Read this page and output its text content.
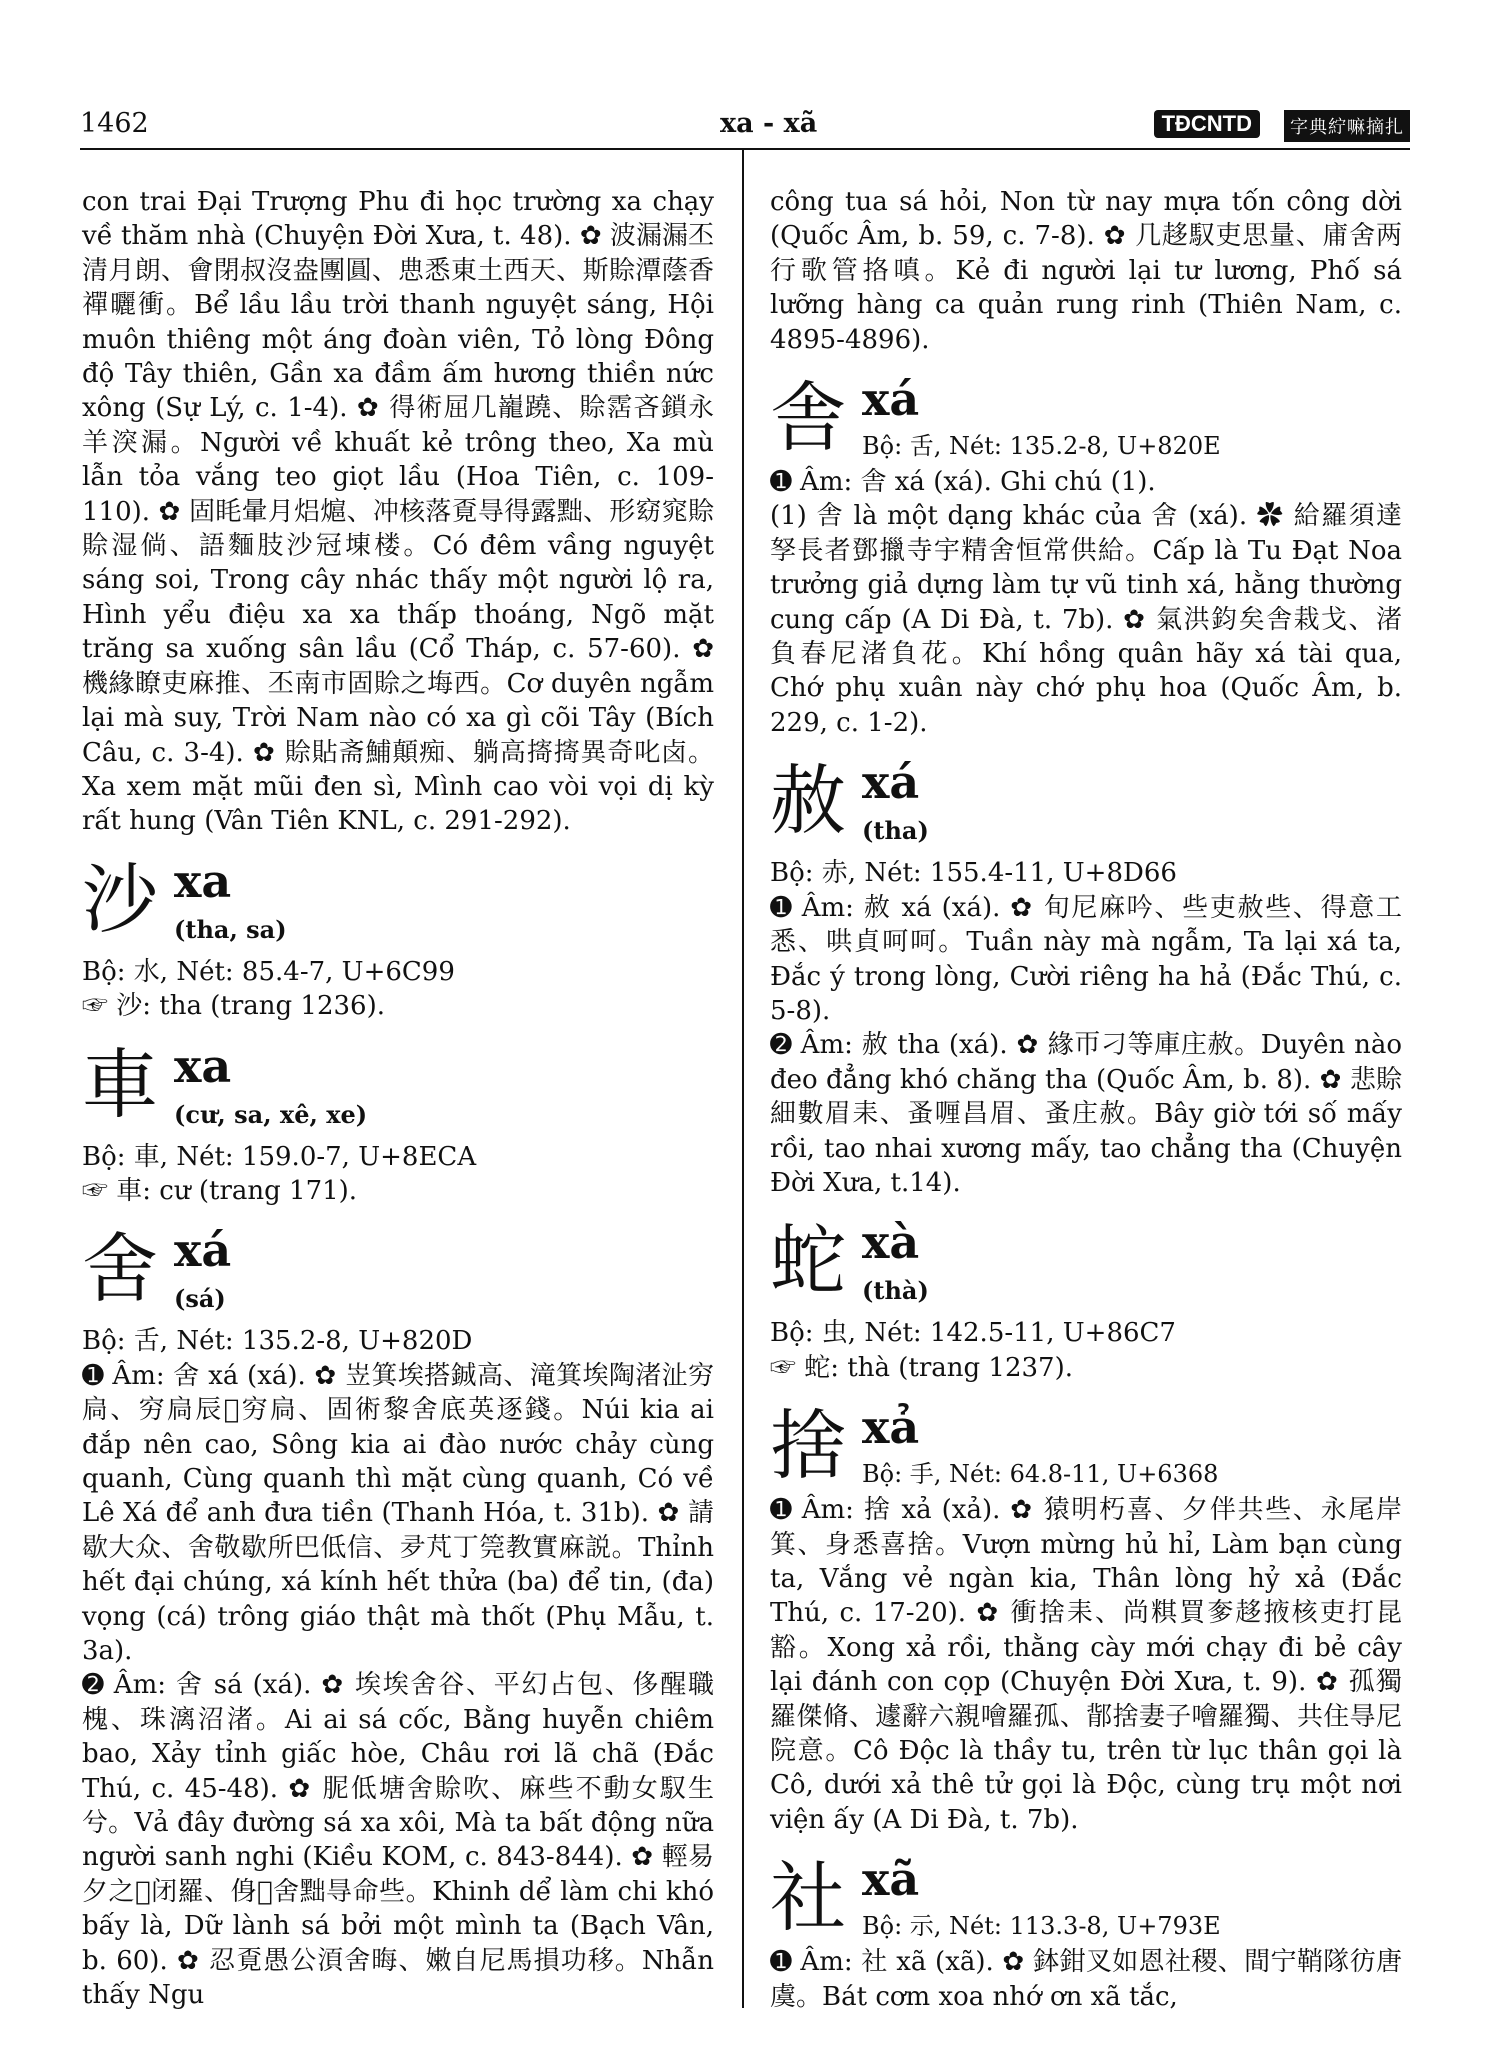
1462	xa - xã	TĐCNTD	字典紵嘛摘扎

con trai Đại Trượng Phu đi học trường xa chạy về thăm nhà (Chuyện Đời Xưa, t. 48). ✿ 波漏漏丕清月朗、會閉叔沒盎團圓、㤟悉東土西天、斯賒潭蔭香禪曬衝。Bể lầu lầu trời thanh nguyệt sáng, Hội muôn thiêng một áng đoàn viên, Tỏ lòng Đông độ Tây thiên, Gần xa đầm ấm hương thiền nức xông (Sự Lý, c. 1-4). ✿ 得術屈几巃蹺、賒霑吝鎖永羊湥漏。Người về khuất kẻ trông theo, Xa mù lẫn tỏa vắng teo giọt lầu (Hoa Tiên, c. 109-110). ✿ 固眊暈月焒熩、冲核落覔㝵得露黜、形窈窕賒賒湿倘、語麵肢沙冠埬楼。Có đêm vầng nguyệt sáng soi, Trong cây nhác thấy một người lộ ra, Hình yểu điệu xa xa thấp thoáng, Ngõ mặt trăng sa xuống sân lầu (Cổ Tháp, c. 57-60). ✿ 機緣瞭吏麻推、丕南市固賒之㙁西。Cơ duyên ngẫm lại mà suy, Trời Nam nào có xa gì cõi Tây (Bích Câu, c. 3-4). ✿ 賒貼斋鯆顛痴、躺高㨳㨳異奇叱卤。Xa xem mặt mũi đen sì, Mình cao vòi vọi dị kỳ rất hung (Vân Tiên KNL, c. 291-292).

沙 xa
(tha, sa)

Bộ: 水, Nét: 85.4-7, U+6C99

☞ 沙: tha (trang 1236).

車 xa
(cư, sa, xê, xe)

Bộ: 車, Nét: 159.0-7, U+8ECA

☞ 車: cư (trang 171).

舍 xá
(sá)

Bộ: 舌, Nét: 135.2-8, U+820D

➊ Âm: 舍 xá (xá). ✿ 岦箕埃搭鋮高、滝箕埃陶渚沚穷扃、穷扃辰𤃠穷扃、固術黎舍底英逐錢。Núi kia ai đắp nên cao, Sông kia ai đào nước chảy cùng quanh, Cùng quanh thì mặt cùng quanh, Có về Lê Xá để anh đưa tiền (Thanh Hóa, t. 31b). ✿ 請歇大众、舍敬歇所巴低信、夛芃丁筦教實麻説。Thỉnh hết đại chúng, xá kính hết thửa (ba) để tin, (đa) vọng (cá) trông giáo thật mà thốt (Phụ Mẫu, t. 3a).

➋ Âm: 舍 sá (xá). ✿ 埃埃舍谷、平幻占包、侈醒職槐、珠漓沼渚。Ai ai sá cốc, Bằng huyễn chiêm bao, Xảy tỉnh giấc hòe, Châu rơi lã chã (Đắc Thú, c. 45-48). ✿ 胒低塘舍賒吹、麻些不動女馭生兮。Vả đây đường sá xa xôi, Mà ta bất động nữa người sanh nghi (Kiều KOM, c. 843-844). ✿ 輕易夕之𩀳闭羅、㑗𦀨舍黜㝵命些。Khinh dể làm chi khó bấy là, Dữ lành sá bởi một mình ta (Bạch Vân, b. 60). ✿ 忍覔愚公湏舍晦、嫩自尼馬損功移。Nhẫn thấy Ngu

công tua sá hỏi, Non từ nay mựa tốn công dời (Quốc Âm, b. 59, c. 7-8). ✿ 几趍馭吏思量、庯舍两行歌管挌嗔。Kẻ đi người lại tư lương, Phố sá lưỡng hàng ca quản rung rinh (Thiên Nam, c. 4895-4896).

舎 xá
Bộ: 舌, Nét: 135.2-8, U+820E

➊ Âm: 舎 xá (xá). Ghi chú (1).

(1) 舎 là một dạng khác của 舍 (xá). ✿ 給羅須達孥長者鄧擸寺宇精舍恒常供給。Cấp là Tu Đạt Noa trưởng giả dựng làm tự vũ tinh xá, hằng thường cung cấp (A Di Đà, t. 7b). ✿ 氣洪鈞矣舎栽戈、渚負春尼渚負花。Khí hồng quân hãy xá tài qua, Chớ phụ xuân này chớ phụ hoa (Quốc Âm, b. 229, c. 1-2).

赦 xá
(tha)

Bộ: 赤, Nét: 155.4-11, U+8D66

➊ Âm: 赦 xá (xá). ✿ 旬尼麻吟、些吏赦些、得意工悉、哄貞呵呵。Tuần này mà ngẫm, Ta lại xá ta, Đắc ý trong lòng, Cười riêng ha hả (Đắc Thú, c. 5-8).

➋ Âm: 赦 tha (xá). ✿ 緣帀刁等庫庄赦。Duyên nào đeo đẳng khó chăng tha (Quốc Âm, b. 8). ✿ 悲賒細數眉耒、蚤喱昌眉、蚤庄赦。Bây giờ tới số mấy rồi, tao nhai xương mấy, tao chẳng tha (Chuyện Đời Xưa, t.14).

蛇 xà
(thà)

Bộ: 虫, Nét: 142.5-11, U+86C7

☞ 蛇: thà (trang 1237).

捨 xả
Bộ: 手, Nét: 64.8-11, U+6368

➊ Âm: 捨 xả (xả). ✿ 猿明朽喜、夕伴共些、永尾岸箕、身悉喜捨。Vượn mừng hủ hỉ, Làm bạn cùng ta, Vắng vẻ ngàn kia, Thân lòng hỷ xả (Đắc Thú, c. 17-20). ✿ 衝捨耒、尚粸買奓趍掖核吏打昆豁。Xong xả rồi, thằng cày mới chạy đi bẻ cây lại đánh con cọp (Chuyện Đời Xưa, t. 9). ✿ 孤獨羅傑脩、遽辭六親噲羅孤、鄁捨妻子噲羅獨、共住㝵尼院意。Cô Độc là thầy tu, trên từ lục thân gọi là Cô, dưới xả thê tử gọi là Độc, cùng trụ một nơi viện ấy (A Di Đà, t. 7b).

社 xã
Bộ: 示, Nét: 113.3-8, U+793E

➊ Âm: 社 xã (xã). ✿ 鉢鉗叉如恩社稷、間宁鞘隊彷唐虞。Bát cơm xoa nhớ ơn xã tắc,
